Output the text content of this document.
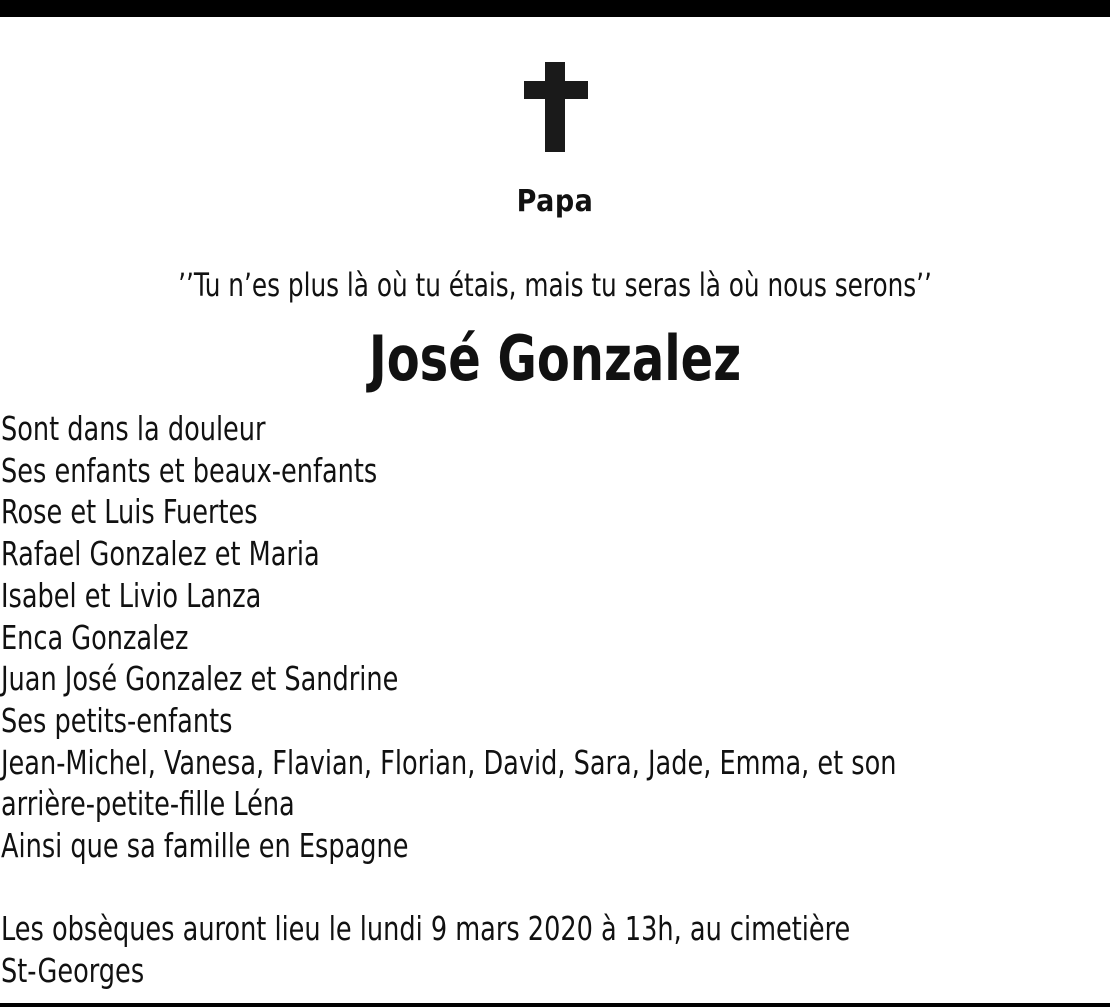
Papa
’’Tu n’es plus là où tu étais, mais tu seras là où nous serons’’
José Gonzalez
Sont dans la douleur
Ses enfants et beaux-enfants
Rose et Luis Fuertes
Rafael Gonzalez et Maria
Isabel et Livio Lanza
Enca Gonzalez
Juan José Gonzalez et Sandrine
Ses petits-enfants
Jean-Michel, Vanesa, Flavian, Florian, David, Sara, Jade, Emma, et son
arrière-petite-fille Léna
Ainsi que sa famille en Espagne
Les obsèques auront lieu le lundi 9 mars 2020 à 13h, au cimetière
St-Georges
